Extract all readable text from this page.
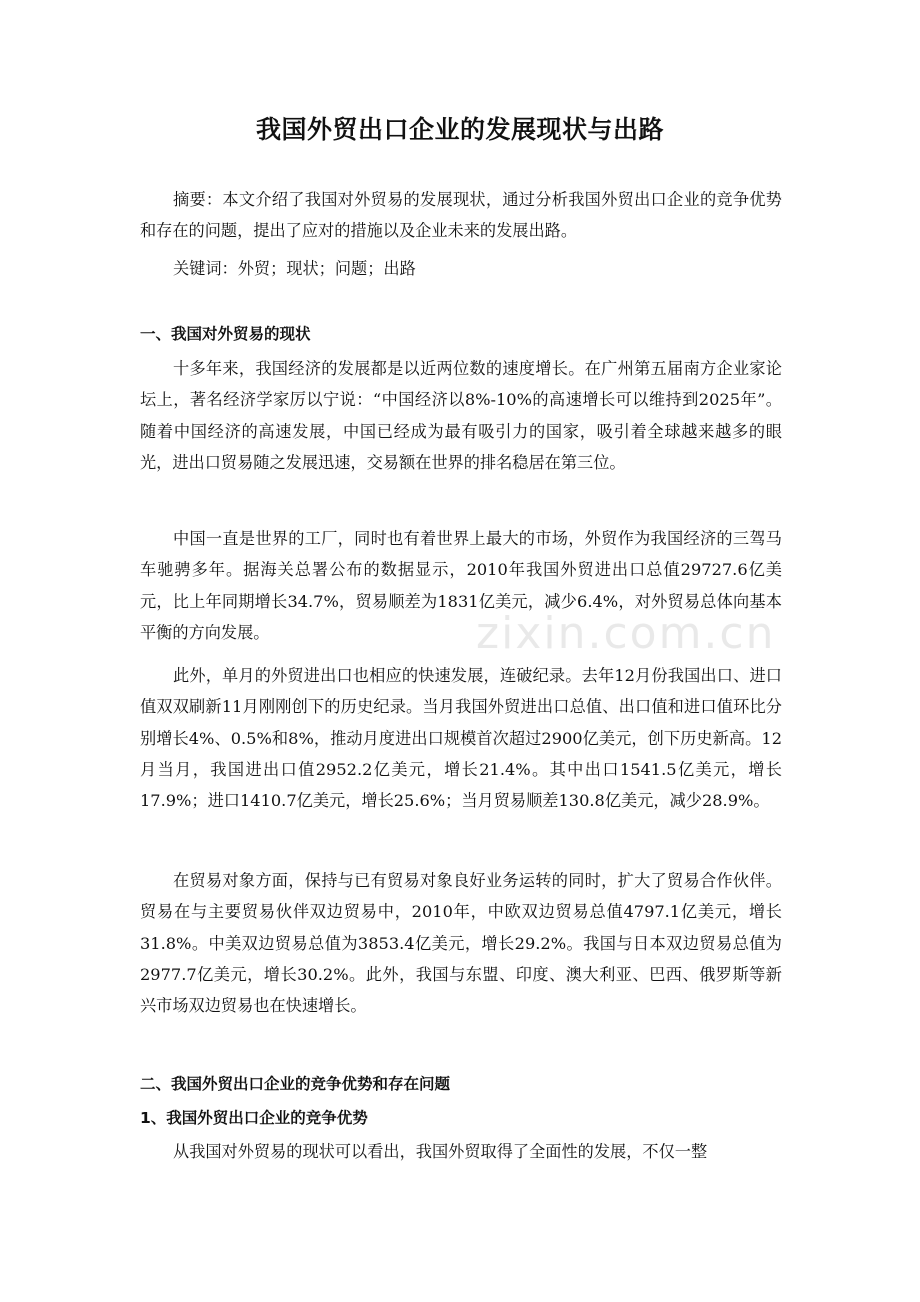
我国外贸出口企业的发展现状与出路

摘要：本文介绍了我国对外贸易的发展现状，通过分析我国外贸出口企业的竞争优势和存在的问题，提出了应对的措施以及企业未来的发展出路。

关键词：外贸；现状；问题；出路

一、我国对外贸易的现状

十多年来，我国经济的发展都是以近两位数的速度增长。在广州第五届南方企业家论坛上，著名经济学家厉以宁说：“中国经济以8%-10%的高速增长可以维持到2025年”。随着中国经济的高速发展，中国已经成为最有吸引力的国家，吸引着全球越来越多的眼光，进出口贸易随之发展迅速，交易额在世界的排名稳居在第三位。

中国一直是世界的工厂，同时也有着世界上最大的市场，外贸作为我国经济的三驾马车驰骋多年。据海关总署公布的数据显示，2010年我国外贸进出口总值29727.6亿美元，比上年同期增长34.7%，贸易顺差为1831亿美元，减少6.4%，对外贸易总体向基本平衡的方向发展。

此外，单月的外贸进出口也相应的快速发展，连破纪录。去年12月份我国出口、进口值双双刷新11月刚刚创下的历史纪录。当月我国外贸进出口总值、出口值和进口值环比分别增长4%、0.5%和8%，推动月度进出口规模首次超过2900亿美元，创下历史新高。12月当月，我国进出口值2952.2亿美元，增长21.4%。其中出口1541.5亿美元，增长17.9%；进口1410.7亿美元，增长25.6%；当月贸易顺差130.8亿美元，减少28.9%。

在贸易对象方面，保持与已有贸易对象良好业务运转的同时，扩大了贸易合作伙伴。贸易在与主要贸易伙伴双边贸易中，2010年，中欧双边贸易总值4797.1亿美元，增长31.8%。中美双边贸易总值为3853.4亿美元，增长29.2%。我国与日本双边贸易总值为2977.7亿美元，增长30.2%。此外，我国与东盟、印度、澳大利亚、巴西、俄罗斯等新兴市场双边贸易也在快速增长。

二、我国外贸出口企业的竞争优势和存在问题

1、我国外贸出口企业的竞争优势

从我国对外贸易的现状可以看出，我国外贸取得了全面性的发展，不仅一整

zixin.com.cn
